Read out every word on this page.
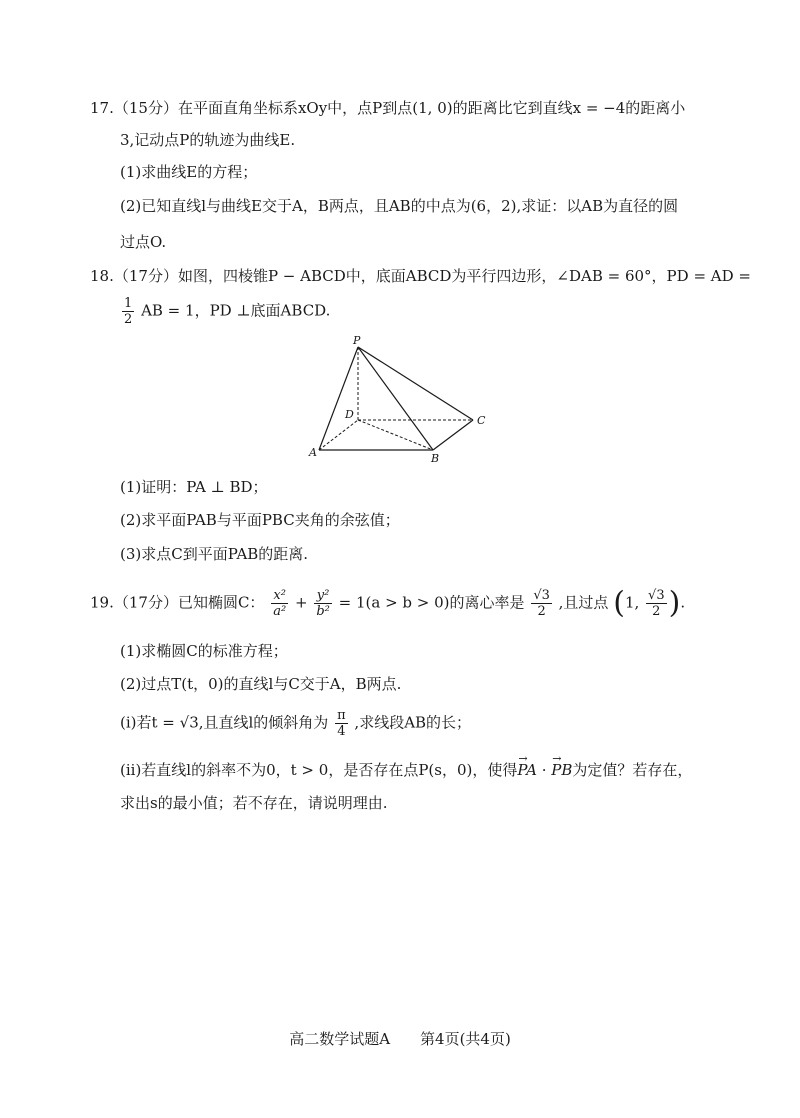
17.（15分）在平面直角坐标系xOy中，点P到点(1, 0)的距离比它到直线x = −4的距离小
3,记动点P的轨迹为曲线E.
(1)求曲线E的方程；
(2)已知直线l与曲线E交于A，B两点，且AB的中点为(6，2),求证：以AB为直径的圆
过点O.
18.（17分）如图，四棱锥P − ABCD中，底面ABCD为平行四边形，∠DAB = 60°，PD = AD =
$\frac{1}{2}$ AB = 1，PD ⊥底面ABCD.
P
D	C
A	B
(1)证明：PA ⊥ BD；
(2)求平面PAB与平面PBC夹角的余弦值；
(3)求点C到平面PAB的距离.
19.（17分）已知椭圆C： $\frac{\text{x²}}{\text{a²}} + \frac{\text{y²}}{\text{b²}} = 1(a > b > 0)$的离心率是 $\frac{√3}{2}$ ,且过点 (1, $\frac{√3}{2}$ ).
(1)求椭圆C的标准方程；
(2)过点T(t，0)的直线l与C交于A，B两点.
(i)若t = √3,且直线l的倾斜角为 $\frac{\pi}{4}$ ,求线段AB的长；
(ii)若直线l的斜率不为0，t > 0，是否存在点P(s，0)，使得→ PA · → PB为定值？若存在，
求出s的最小值；若不存在，请说明理由.
高二数学试题A　　第4页(共4页)
